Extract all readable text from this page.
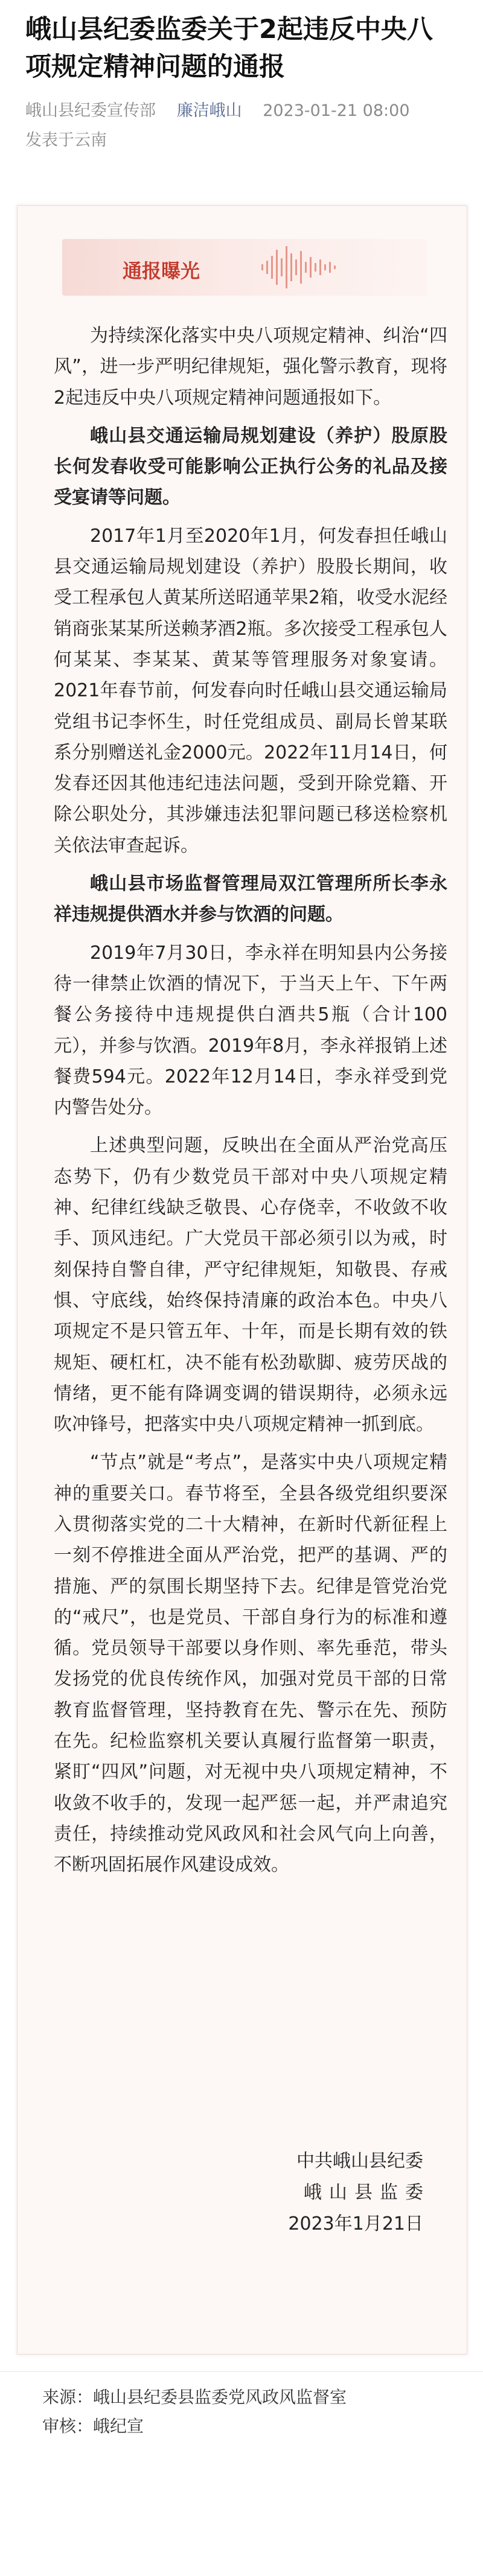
峨山县纪委监委关于2起违反中央八项规定精神问题的通报
峨山县纪委宣传部 廉洁峨山 2023-01-21 08:00
发表于云南
通报曝光

为持续深化落实中央八项规定精神、纠治“四风”，进一步严明纪律规矩，强化警示教育，现将2起违反中央八项规定精神问题通报如下。

峨山县交通运输局规划建设（养护）股原股长何发春收受可能影响公正执行公务的礼品及接受宴请等问题。

2017年1月至2020年1月，何发春担任峨山县交通运输局规划建设（养护）股股长期间，收受工程承包人黄某所送昭通苹果2箱，收受水泥经销商张某某所送赖茅酒2瓶。多次接受工程承包人何某某、李某某、黄某等管理服务对象宴请。2021年春节前，何发春向时任峨山县交通运输局党组书记李怀生，时任党组成员、副局长曾某联系分别赠送礼金2000元。2022年11月14日，何发春还因其他违纪违法问题，受到开除党籍、开除公职处分，其涉嫌违法犯罪问题已移送检察机关依法审查起诉。

峨山县市场监督管理局双江管理所所长李永祥违规提供酒水并参与饮酒的问题。

2019年7月30日，李永祥在明知县内公务接待一律禁止饮酒的情况下，于当天上午、下午两餐公务接待中违规提供白酒共5瓶（合计100元），并参与饮酒。2019年8月，李永祥报销上述餐费594元。2022年12月14日，李永祥受到党内警告处分。

上述典型问题，反映出在全面从严治党高压态势下，仍有少数党员干部对中央八项规定精神、纪律红线缺乏敬畏、心存侥幸，不收敛不收手、顶风违纪。广大党员干部必须引以为戒，时刻保持自警自律，严守纪律规矩，知敬畏、存戒惧、守底线，始终保持清廉的政治本色。中央八项规定不是只管五年、十年，而是长期有效的铁规矩、硬杠杠，决不能有松劲歇脚、疲劳厌战的情绪，更不能有降调变调的错误期待，必须永远吹冲锋号，把落实中央八项规定精神一抓到底。

“节点”就是“考点”，是落实中央八项规定精神的重要关口。春节将至，全县各级党组织要深入贯彻落实党的二十大精神，在新时代新征程上一刻不停推进全面从严治党，把严的基调、严的措施、严的氛围长期坚持下去。纪律是管党治党的“戒尺”，也是党员、干部自身行为的标准和遵循。党员领导干部要以身作则、率先垂范，带头发扬党的优良传统作风，加强对党员干部的日常教育监督管理，坚持教育在先、警示在先、预防在先。纪检监察机关要认真履行监督第一职责，紧盯“四风”问题，对无视中央八项规定精神，不收敛不收手的，发现一起严惩一起，并严肃追究责任，持续推动党风政风和社会风气向上向善，不断巩固拓展作风建设成效。

中共峨山县纪委
峨山县监委
2023年1月21日
来源：峨山县纪委县监委党风政风监督室
审核：峨纪宣
